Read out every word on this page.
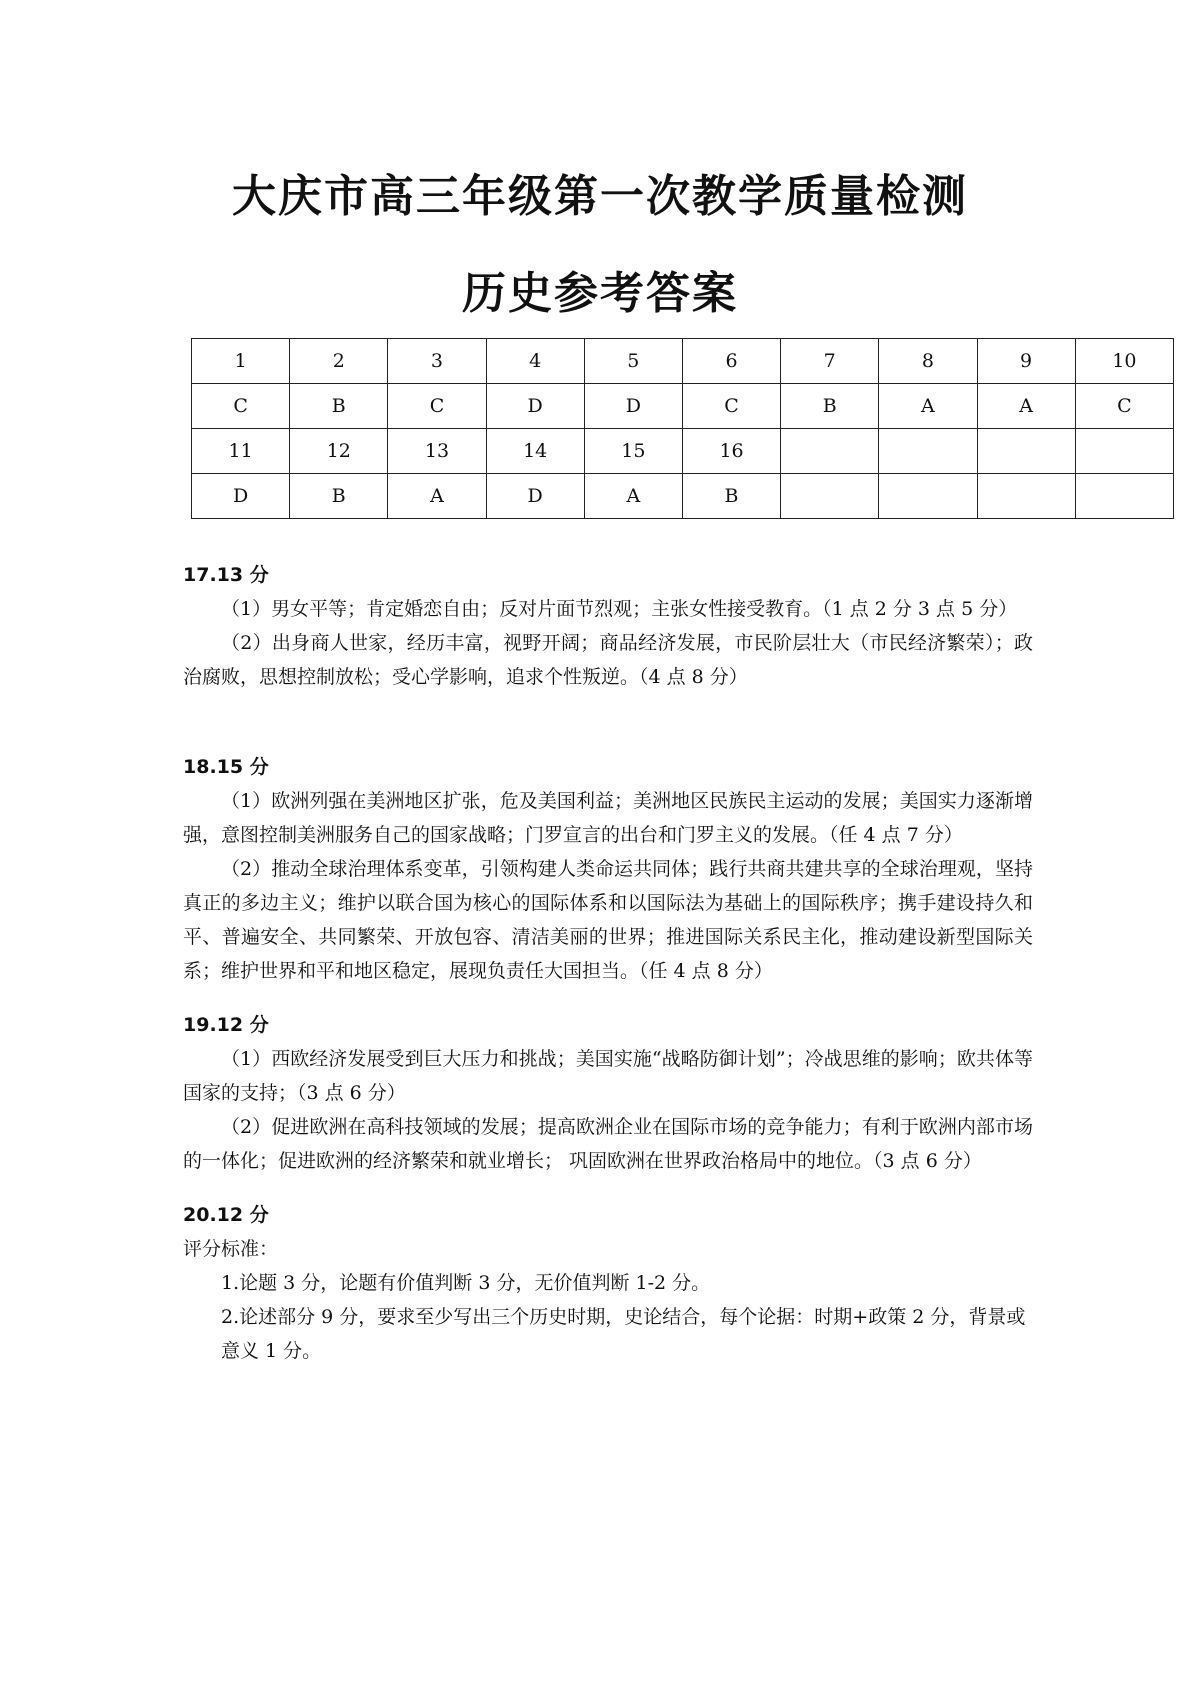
大庆市高三年级第一次教学质量检测
历史参考答案
1	2	3	4	5	6	7	8	9	10
C	B	C	D	D	C	B	A	A	C
11	12	13	14	15	16				
D	B	A	D	A	B				
17.13 分

（1）男女平等；肯定婚恋自由；反对片面节烈观；主张女性接受教育。（1 点 2 分 3 点 5 分）

（2）出身商人世家，经历丰富，视野开阔；商品经济发展，市民阶层壮大（市民经济繁荣）；政治腐败，思想控制放松；受心学影响，追求个性叛逆。（4 点 8 分）

18.15 分

（1）欧洲列强在美洲地区扩张，危及美国利益；美洲地区民族民主运动的发展；美国实力逐渐增强，意图控制美洲服务自己的国家战略；门罗宣言的出台和门罗主义的发展。（任 4 点 7 分）

（2）推动全球治理体系变革，引领构建人类命运共同体；践行共商共建共享的全球治理观，坚持真正的多边主义；维护以联合国为核心的国际体系和以国际法为基础上的国际秩序；携手建设持久和平、普遍安全、共同繁荣、开放包容、清洁美丽的世界；推进国际关系民主化，推动建设新型国际关系；维护世界和平和地区稳定，展现负责任大国担当。（任 4 点 8 分）

19.12 分

（1）西欧经济发展受到巨大压力和挑战；美国实施“战略防御计划”；冷战思维的影响；欧共体等国家的支持；（3 点 6 分）

（2）促进欧洲在高科技领域的发展；提高欧洲企业在国际市场的竞争能力；有利于欧洲内部市场的一体化；促进欧洲的经济繁荣和就业增长； 巩固欧洲在世界政治格局中的地位。（3 点 6 分）

20.12 分
评分标准：

1.论题 3 分，论题有价值判断 3 分，无价值判断 1-2 分。

2.论述部分 9 分，要求至少写出三个历史时期，史论结合，每个论据：时期+政策 2 分，背景或意义 1 分。
